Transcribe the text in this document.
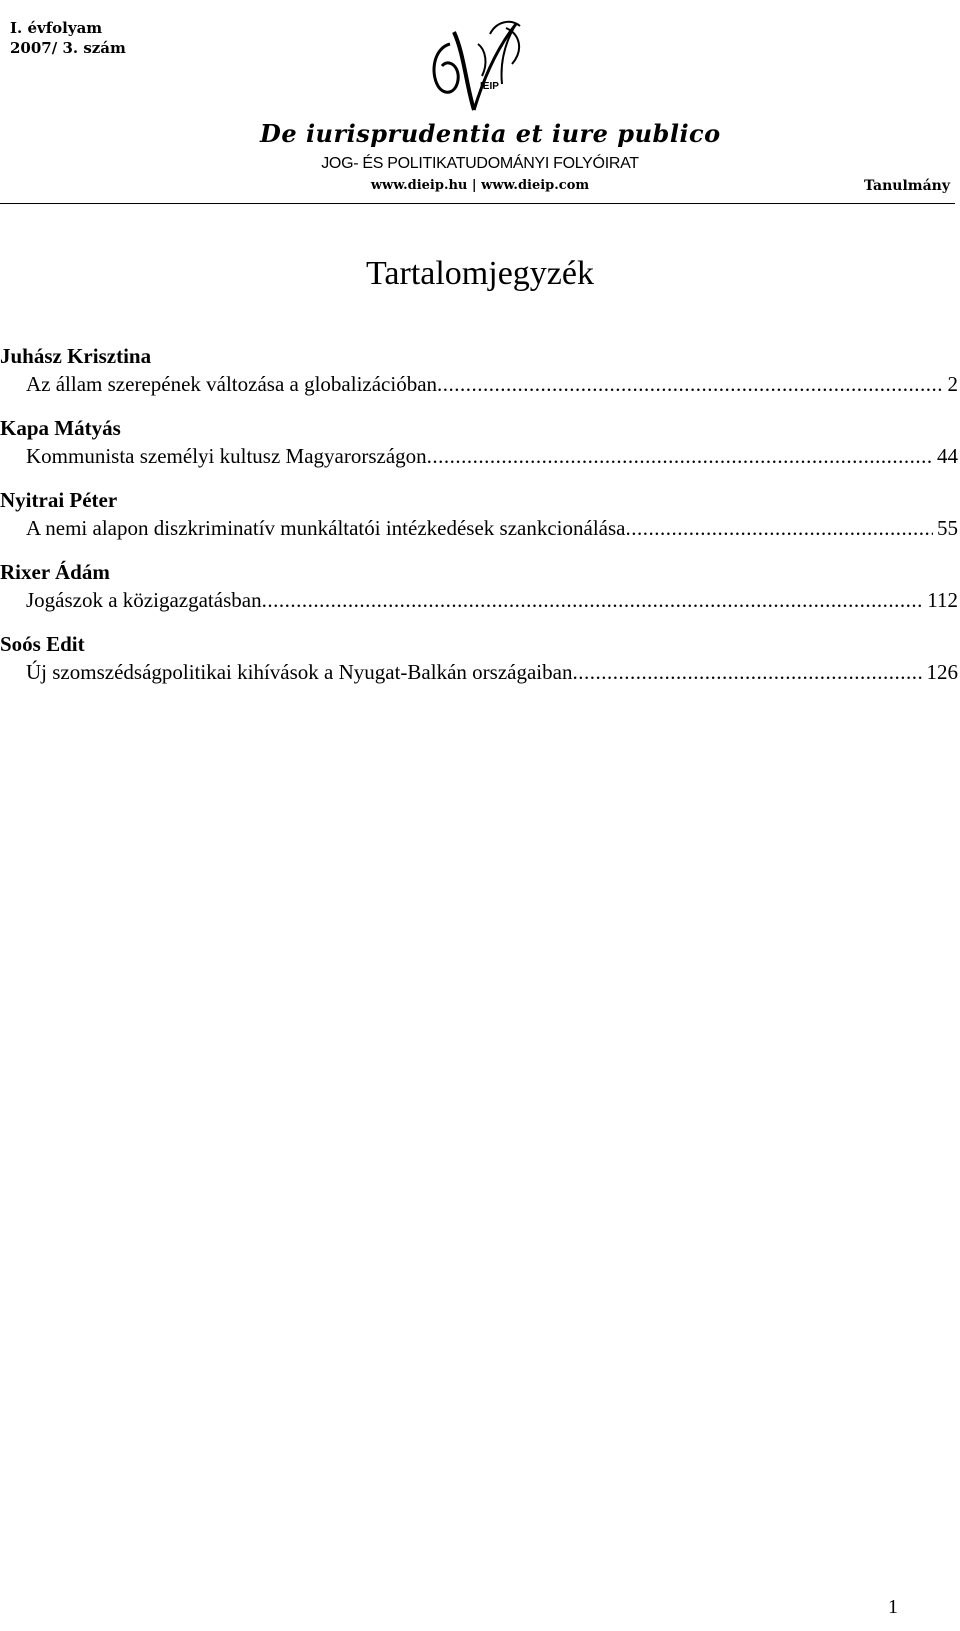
I. évfolyam
2007/ 3. szám
IEIP
De iurisprudentia et iure publico
JOG- ÉS POLITIKATUDOMÁNYI FOLYÓIRAT
www.dieip.hu | www.dieip.com	Tanulmány
Tartalomjegyzék
Juhász Krisztina
Az állam szerepének változása a globalizációban .....	2
Kapa Mátyás
Kommunista személyi kultusz Magyarországon .....	44
Nyitrai Péter
A nemi alapon diszkriminatív munkáltatói intézkedések szankcionálása .....	55
Rixer Ádám
Jogászok a közigazgatásban .....	112
Soós Edit
Új szomszédságpolitikai kihívások a Nyugat-Balkán országaiban .....	126
1
